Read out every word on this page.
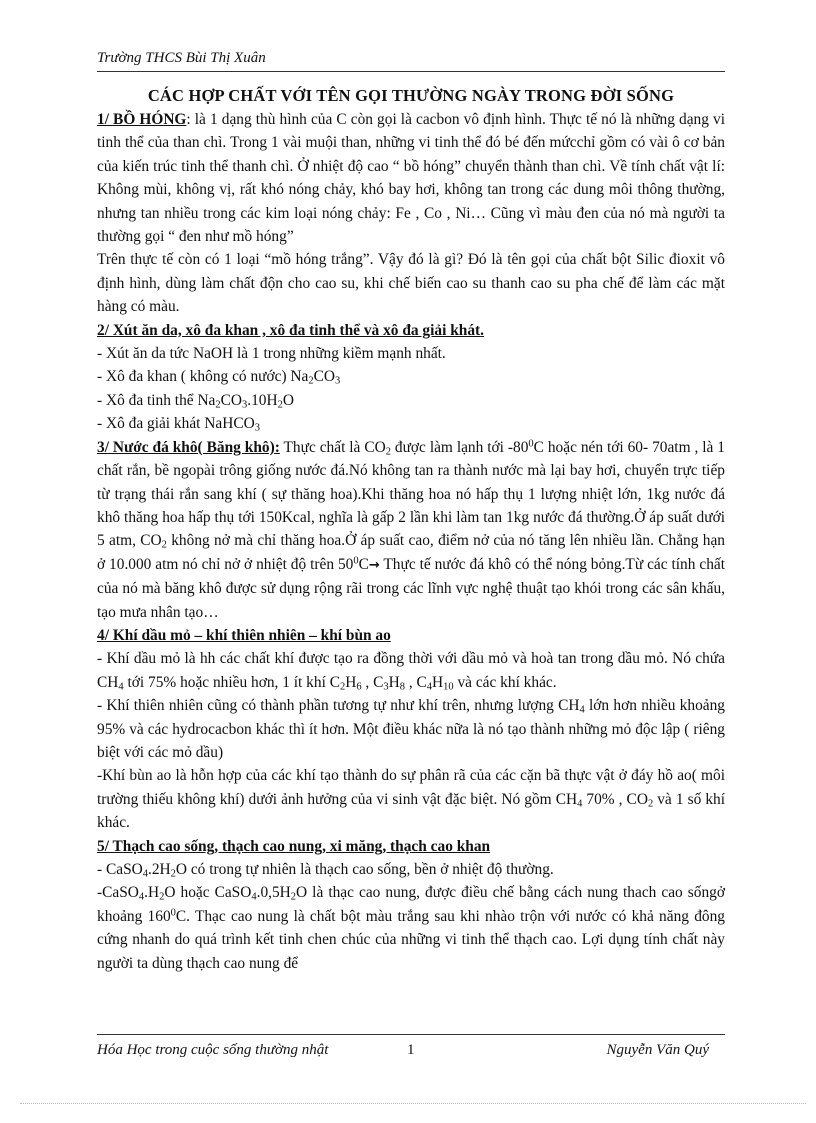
Trường THCS Bùi Thị Xuân
CÁC HỢP CHẤT VỚI TÊN GỌI THƯỜNG NGÀY TRONG ĐỜI SỐNG

1/ BỒ HÓNG: là 1 dạng thù hình của C còn gọi là cacbon vô định hình. Thực tế nó là những dạng vi tinh thể của than chì. Trong 1 vài muội than, những vi tinh thể đó bé đến mứcchỉ gồm có vài ô cơ bản của kiến trúc tinh thể thanh chì. Ở nhiệt độ cao “ bồ hóng” chuyển thành than chì. Về tính chất vật lí: Không mùi, không vị, rất khó nóng chảy, khó bay hơi, không tan trong các dung môi thông thường, nhưng tan nhiều trong các kim loại nóng chảy: Fe , Co , Ni… Cũng vì màu đen của nó mà người ta thường gọi “ đen như mồ hóng”

Trên thực tế còn có 1 loại “mồ hóng trắng”. Vậy đó là gì? Đó là tên gọi của chất bột Silic đioxit vô định hình, dùng làm chất độn cho cao su, khi chế biến cao su thanh cao su pha chế để làm các mặt hàng có màu.

2/ Xút ăn da, xô đa khan , xô đa tinh thể và xô đa giải khát.

- Xút ăn da tức NaOH là 1 trong những kiềm mạnh nhất.

- Xô đa khan ( không có nước) $Na_2CO_3$

- Xô đa tinh thể $Na_2CO_3.10H_2O$

- Xô đa giải khát NaHCO$_3$

3/ Nước đá khô( Băng khô): Thực chất là $CO_2$ được làm lạnh tới $-80^0C$ hoặc nén tới 60- 70atm , là 1 chất rắn, bề ngopài trông giống nước đá.Nó không tan ra thành nước mà lại bay hơi, chuyển trực tiếp từ trạng thái rắn sang khí ( sự thăng hoa).Khi thăng hoa nó hấp thụ 1 lượng nhiệt lớn, 1kg nước đá khô thăng hoa hấp thụ tới 150Kcal, nghĩa là gấp 2 lần khi làm tan 1kg nước đá thường.Ở áp suất dưới 5 atm, $CO_2$ không nở mà chỉ thăng hoa.Ở áp suất cao, điểm nở của nó tăng lên nhiều lần. Chẳng hạn ở 10.000 atm nó chỉ nở ở nhiệt độ trên $50^0C\to$ Thực tế nước đá khô có thể nóng bỏng.Từ các tính chất của nó mà băng khô được sử dụng rộng rãi trong các lĩnh vực nghệ thuật tạo khói trong các sân khấu, tạo mưa nhân tạo…

4/ Khí dầu mỏ – khí thiên nhiên – khí bùn ao

- Khí dầu mỏ là hh các chất khí được tạo ra đồng thời với dầu mỏ và hoà tan trong dầu mỏ. Nó chứa $CH_4$ tới 75% hoặc nhiều hơn, 1 ít khí $C_2H_6$ , $C_3H_8$ , $C_4H_{10}$ và các khí khác.

- Khí thiên nhiên cũng có thành phần tương tự như khí trên, nhưng lượng $CH_4$ lớn hơn nhiều khoảng 95% và các hydrocacbon khác thì ít hơn. Một điều khác nữa là nó tạo thành những mỏ độc lập ( riêng biệt với các mỏ dầu)

-Khí bùn ao là hỗn hợp của các khí tạo thành do sự phân rã của các cặn bã thực vật ở đáy hồ ao( môi trường thiếu không khí) dưới ảnh hưởng của vi sinh vật đặc biệt. Nó gồm $CH_4$ 70% , $CO_2$ và 1 số khí khác.

5/ Thạch cao sống, thạch cao nung, xi măng, thạch cao khan

- $CaSO_4.2H_2O$ có trong tự nhiên là thạch cao sống, bền ở nhiệt độ thường.

$-CaSO_4.H_2O$ hoặc $CaSO_4.0,5H_2O$ là thạc cao nung, được điều chế bằng cách nung thach cao sốngở khoảng $160^0C$. Thạc cao nung là chất bột màu trắng sau khi nhào trộn với nước có khả năng đông cứng nhanh do quá trình kết tinh chen chúc của những vi tinh thể thạch cao. Lợi dụng tính chất này người ta dùng thạch cao nung để

Hóa Học trong cuộc sống thường nhật	1	Nguyễn Văn Quý
